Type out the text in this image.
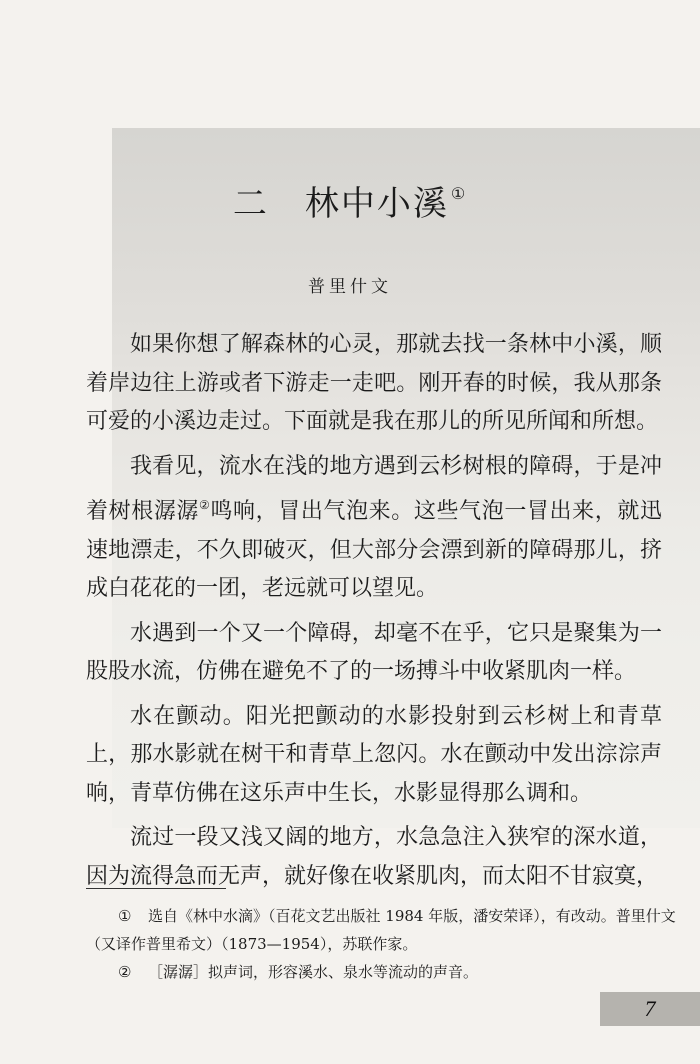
二 林中小溪 ①
普里什文

如果你想了解森林的心灵，那就去找一条林中小溪，顺着岸边往上游或者下游走一走吧。刚开春的时候，我从那条可爱的小溪边走过。下面就是我在那儿的所见所闻和所想。

我看见，流水在浅的地方遇到云杉树根的障碍，于是冲着树根潺潺②鸣响，冒出气泡来。这些气泡一冒出来，就迅速地漂走，不久即破灭，但大部分会漂到新的障碍那儿，挤成白花花的一团，老远就可以望见。

水遇到一个又一个障碍，却毫不在乎，它只是聚集为一股股水流，仿佛在避免不了的一场搏斗中收紧肌肉一样。

水在颤动。阳光把颤动的水影投射到云杉树上和青草上，那水影就在树干和青草上忽闪。水在颤动中发出淙淙声响，青草仿佛在这乐声中生长，水影显得那么调和。

流过一段又浅又阔的地方，水急急注入狭窄的深水道，因为流得急而无声，就好像在收紧肌肉，而太阳不甘寂寞，

① 选自《林中水滴》（百花文艺出版社 1984 年版，潘安荣译），有改动。普里什文（又译作普里希文）（1873—1954），苏联作家。

② ［潺潺］拟声词，形容溪水、泉水等流动的声音。

7
